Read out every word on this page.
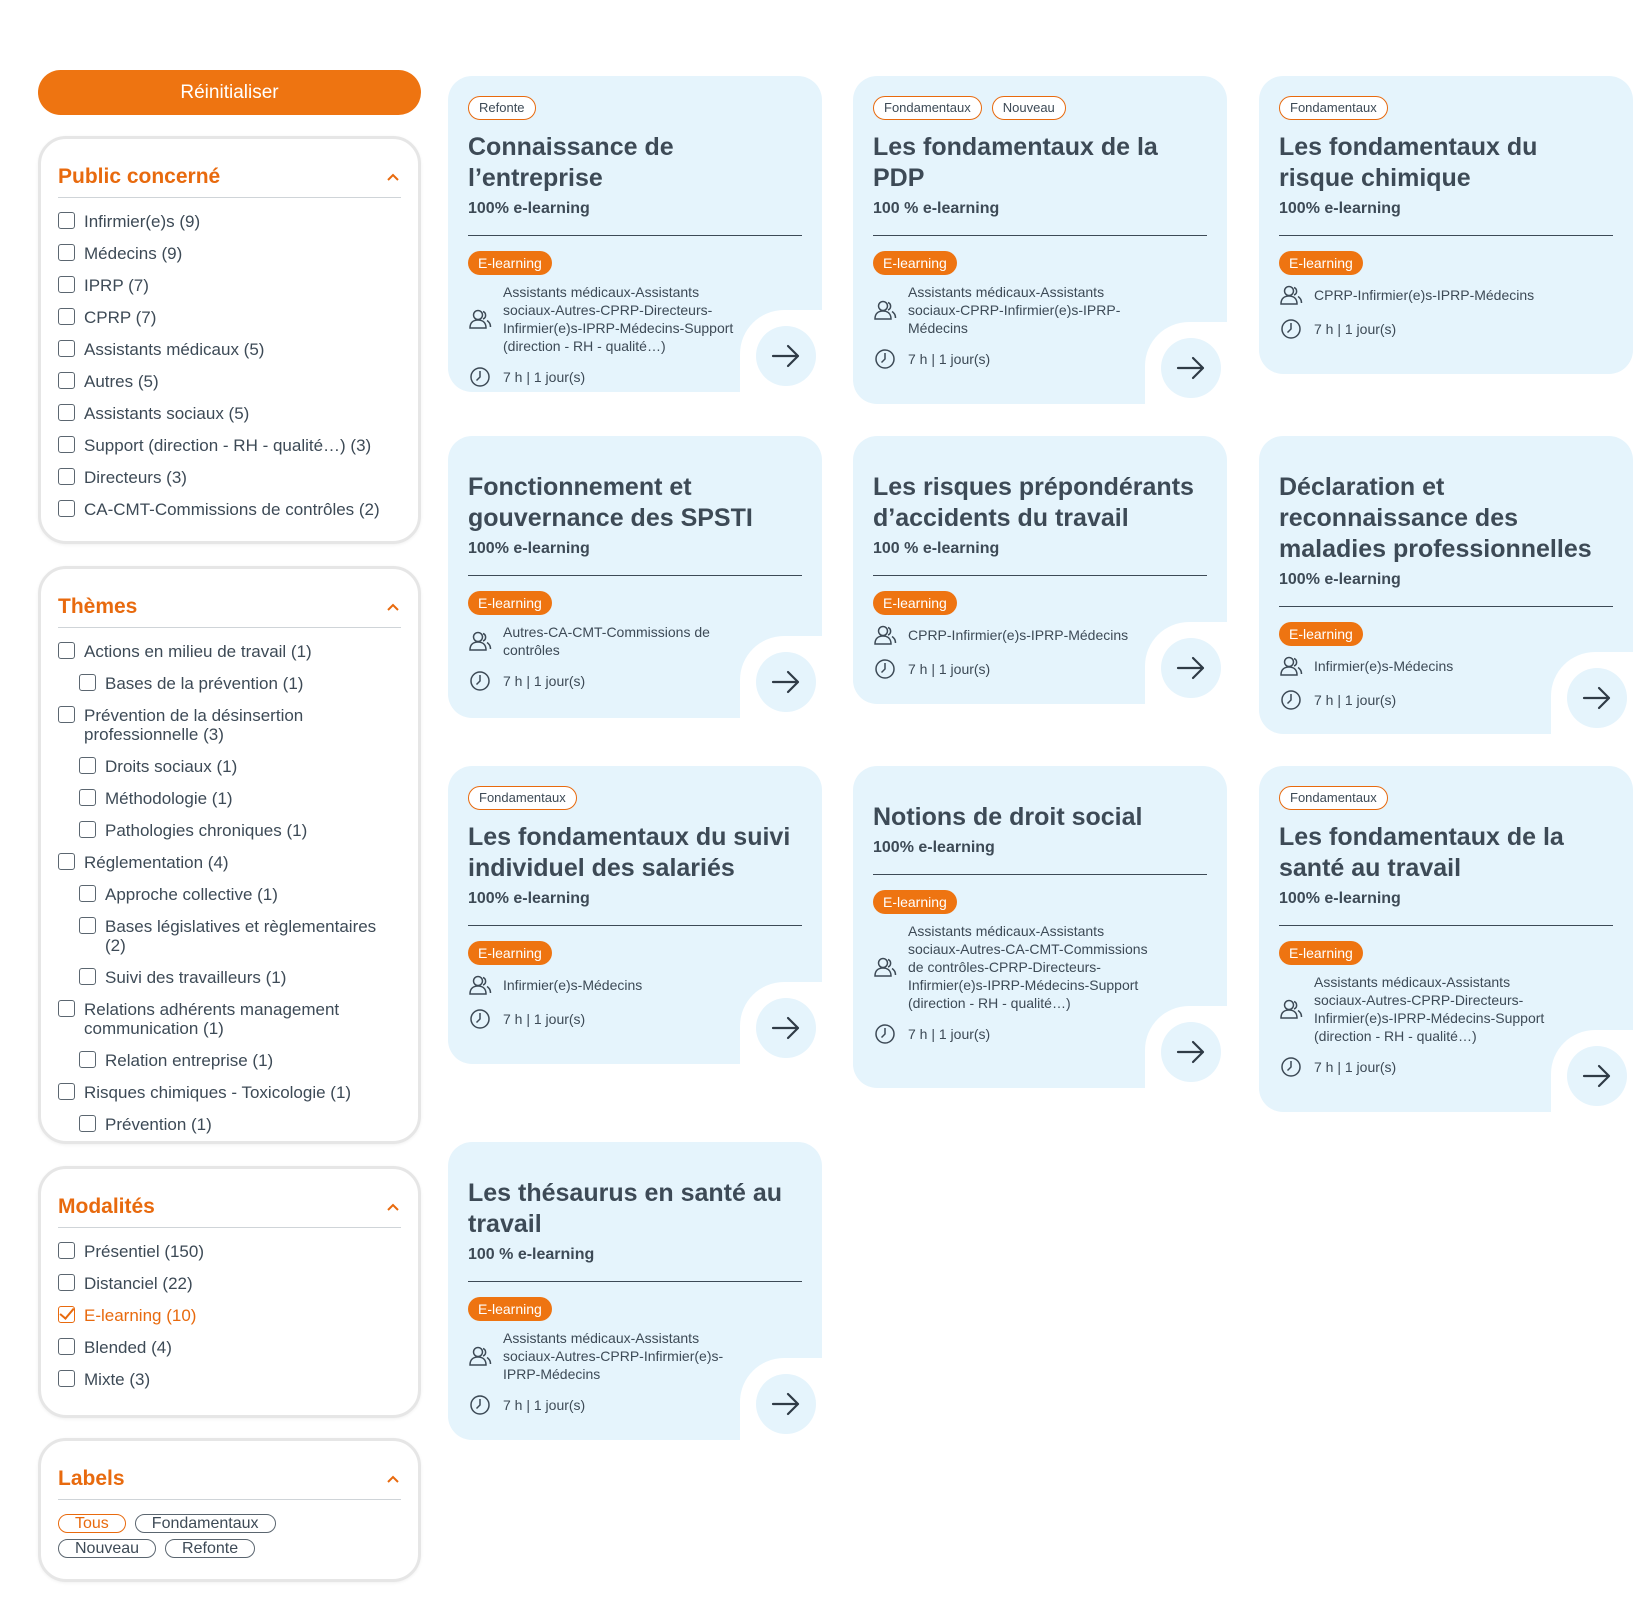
Réinitialiser
Public concerné
Infirmier(e)s (9)
Médecins (9)
IPRP (7)
CPRP (7)
Assistants médicaux (5)
Autres (5)
Assistants sociaux (5)
Support (direction - RH - qualité…) (3)
Directeurs (3)
CA-CMT-Commissions de contrôles (2)
Thèmes
Actions en milieu de travail (1)
Bases de la prévention (1)
Prévention de la désinsertion professionnelle (3)
Droits sociaux (1)
Méthodologie (1)
Pathologies chroniques (1)
Réglementation (4)
Approche collective (1)
Bases législatives et règlementaires (2)
Suivi des travailleurs (1)
Relations adhérents management communication (1)
Relation entreprise (1)
Risques chimiques - Toxicologie (1)
Prévention (1)
Modalités
Présentiel (150)
Distanciel (22)
E-learning (10)
Blended (4)
Mixte (3)
Labels
Tous	Fondamentaux
Nouveau	Refonte
Refonte
Connaissance de l’entreprise
100% e-learning
E-learning
Assistants médicaux-Assistants sociaux-Autres-CPRP-Directeurs-Infirmier(e)s-IPRP-Médecins-Support (direction - RH - qualité…)
7 h | 1 jour(s)
Fondamentaux	Nouveau
Les fondamentaux de la PDP
100 % e-learning
E-learning
Assistants médicaux-Assistants sociaux-CPRP-Infirmier(e)s-IPRP-Médecins
7 h | 1 jour(s)
Fondamentaux
Les fondamentaux du risque chimique
100% e-learning
E-learning
CPRP-Infirmier(e)s-IPRP-Médecins
7 h | 1 jour(s)
Fonctionnement et gouvernance des SPSTI
100% e-learning
E-learning
Autres-CA-CMT-Commissions de contrôles
7 h | 1 jour(s)
Les risques prépondérants d’accidents du travail
100 % e-learning
E-learning
CPRP-Infirmier(e)s-IPRP-Médecins
7 h | 1 jour(s)
Déclaration et reconnaissance des maladies professionnelles
100% e-learning
E-learning
Infirmier(e)s-Médecins
7 h | 1 jour(s)
Fondamentaux
Les fondamentaux du suivi individuel des salariés
100% e-learning
E-learning
Infirmier(e)s-Médecins
7 h | 1 jour(s)
Notions de droit social
100% e-learning
E-learning
Assistants médicaux-Assistants sociaux-Autres-CA-CMT-Commissions de contrôles-CPRP-Directeurs-Infirmier(e)s-IPRP-Médecins-Support (direction - RH - qualité…)
7 h | 1 jour(s)
Fondamentaux
Les fondamentaux de la santé au travail
100% e-learning
E-learning
Assistants médicaux-Assistants sociaux-Autres-CPRP-Directeurs-Infirmier(e)s-IPRP-Médecins-Support (direction - RH - qualité…)
7 h | 1 jour(s)
Les thésaurus en santé au travail
100 % e-learning
E-learning
Assistants médicaux-Assistants sociaux-Autres-CPRP-Infirmier(e)s-IPRP-Médecins
7 h | 1 jour(s)
